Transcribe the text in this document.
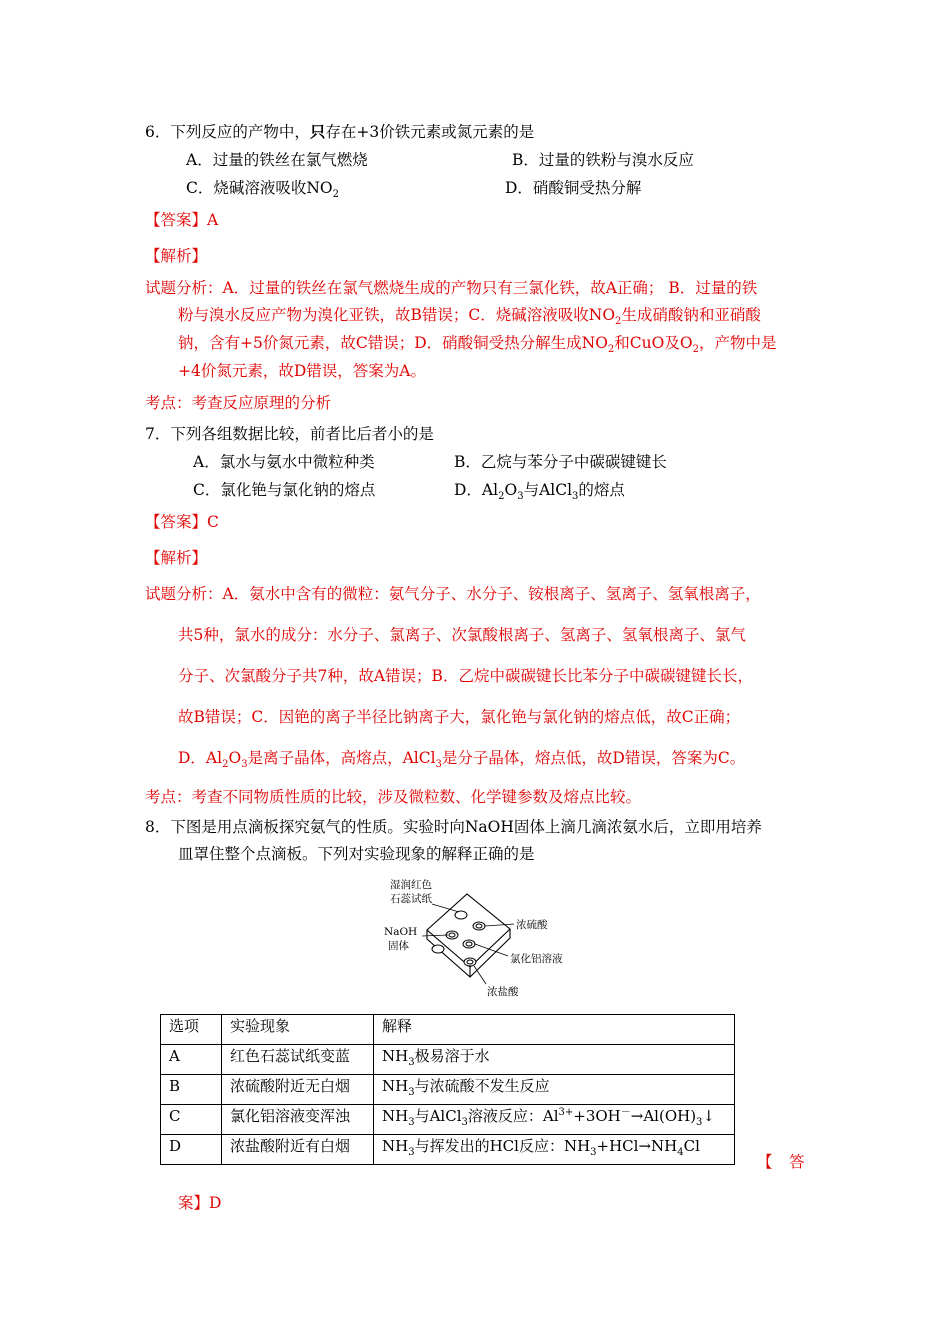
6．下列反应的产物中，只存在+3价铁元素或氮元素的是
A．过量的铁丝在氯气燃烧	B．过量的铁粉与溴水反应
C．烧碱溶液吸收$NO_2$	D．硝酸铜受热分解
【答案】A
【解析】
试题分析：A．过量的铁丝在氯气燃烧生成的产物只有三氯化铁，故A正确； B．过量的铁
粉与溴水反应产物为溴化亚铁，故B错误；C．烧碱溶液吸收$NO_2$生成硝酸钠和亚硝酸
钠，含有+5价氮元素，故C错误；D．硝酸铜受热分解生成$NO_2$和CuO及$O_2$，产物中是
+4价氮元素，故D错误，答案为A。
考点：考查反应原理的分析
7．下列各组数据比较，前者比后者小的是
A．氯水与氨水中微粒种类	B．乙烷与苯分子中碳碳键键长
C．氯化铯与氯化钠的熔点	D．$Al_2O_3$与AlCl$_3$的熔点
【答案】C
【解析】
试题分析：A．氨水中含有的微粒：氨气分子、水分子、铵根离子、氢离子、氢氧根离子，
共5种，氯水的成分：水分子、氯离子、次氯酸根离子、氢离子、氢氧根离子、氯气
分子、次氯酸分子共7种，故A错误；B．乙烷中碳碳键长比苯分子中碳碳键键长长，
故B错误；C．因铯的离子半径比钠离子大，氯化铯与氯化钠的熔点低，故C正确；
D．$Al_2O_3$是离子晶体，高熔点，AlCl$_3$是分子晶体，熔点低，故D错误，答案为C。
考点：考查不同物质性质的比较，涉及微粒数、化学键参数及熔点比较。
8．下图是用点滴板探究氨气的性质。实验时向NaOH固体上滴几滴浓氨水后，立即用培养
皿罩住整个点滴板。下列对实验现象的解释正确的是
湿润红色
石蕊试纸
NaOH
固体
浓硫酸
氯化铝溶液
浓盐酸
选项	实验现象	解释
A	红色石蕊试纸变蓝	$NH_3$极易溶于水
B	浓硫酸附近无白烟	$NH_3$与浓硫酸不发生反应
C	氯化铝溶液变浑浊	$NH_3$与AlCl$_3$溶液反应：$Al^{3+}+3OH^-\to Al(OH)_3↓$
D	浓盐酸附近有白烟	$NH_3$与挥发出的HCl反应：$NH_3+HCl\to NH_4Cl$
【 答
案】D
